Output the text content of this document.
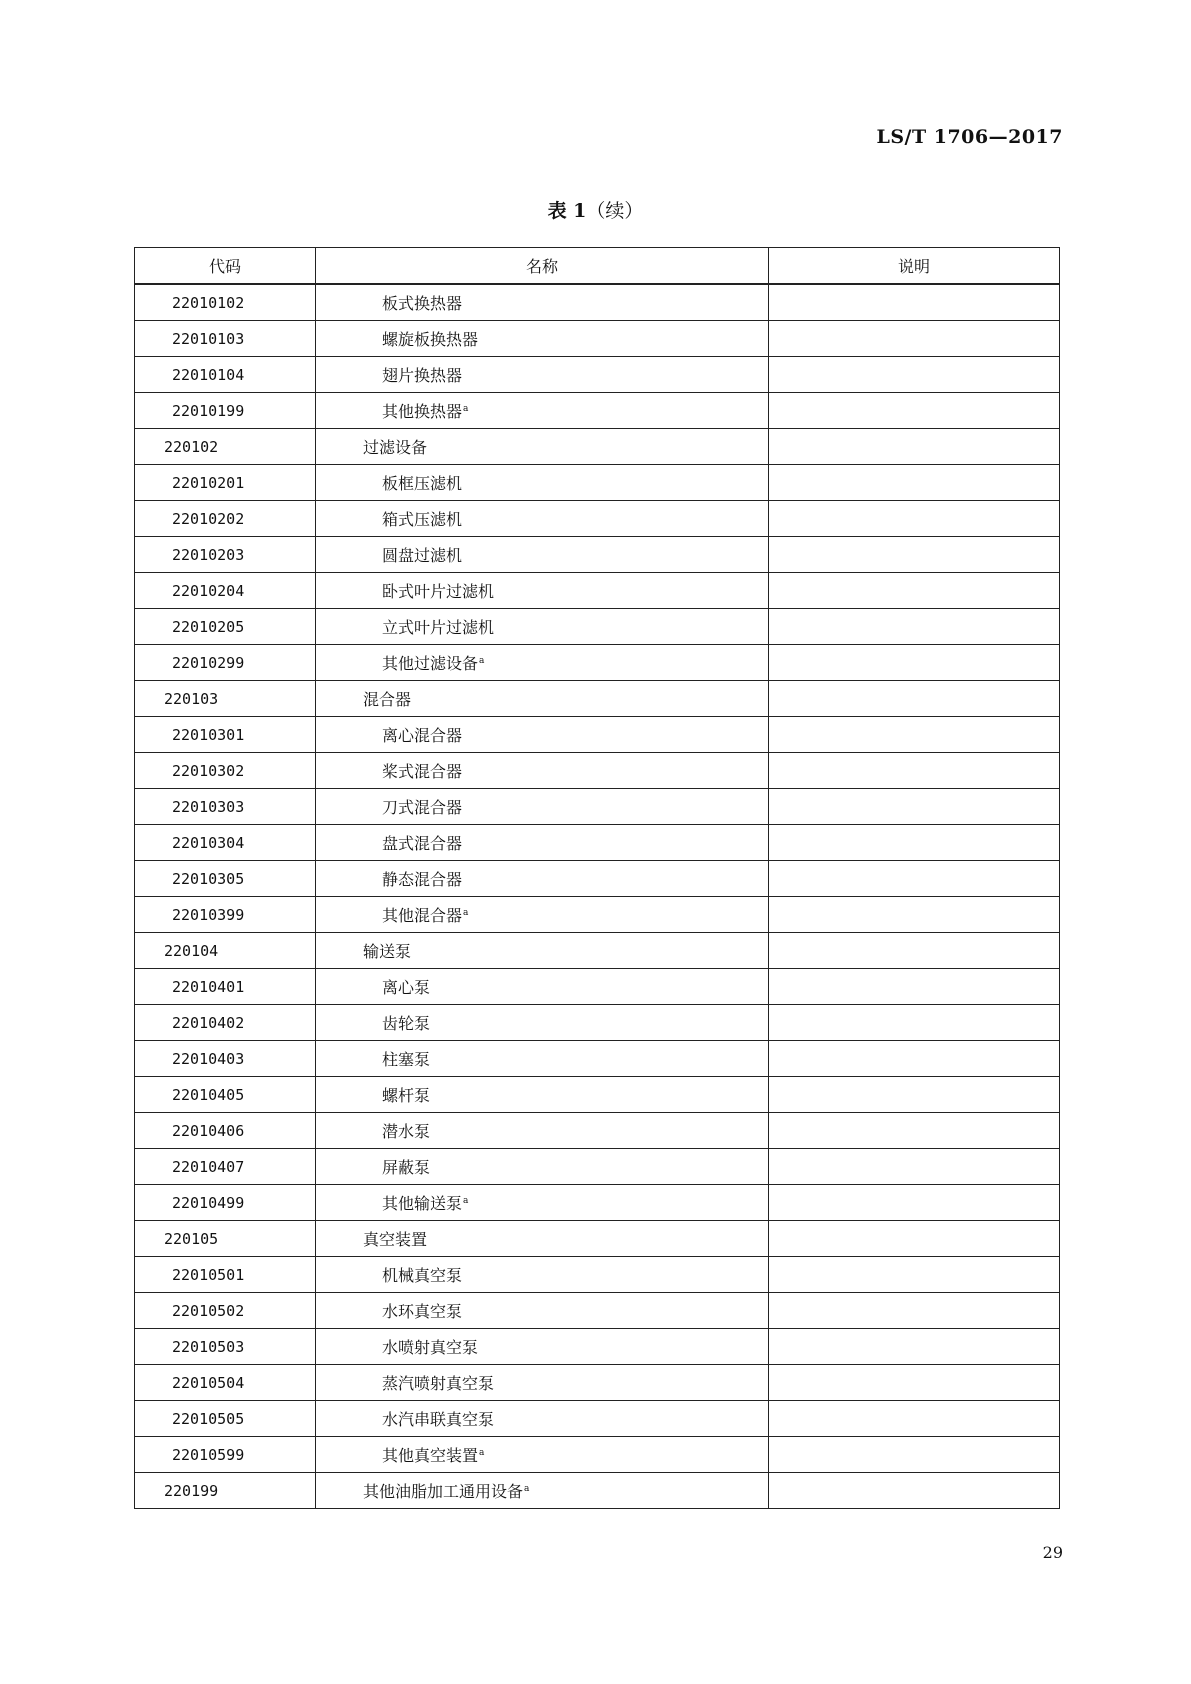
LS/T 1706—2017
表 1（续）
代码	名称	说明
22010102	板式换热器	
22010103	螺旋板换热器	
22010104	翅片换热器	
22010199	其他换热器$^a$	
220102	过滤设备	
22010201	板框压滤机	
22010202	箱式压滤机	
22010203	圆盘过滤机	
22010204	卧式叶片过滤机	
22010205	立式叶片过滤机	
22010299	其他过滤设备$^a$	
220103	混合器	
22010301	离心混合器	
22010302	桨式混合器	
22010303	刀式混合器	
22010304	盘式混合器	
22010305	静态混合器	
22010399	其他混合器$^a$	
220104	输送泵	
22010401	离心泵	
22010402	齿轮泵	
22010403	柱塞泵	
22010405	螺杆泵	
22010406	潜水泵	
22010407	屏蔽泵	
22010499	其他输送泵$^a$	
220105	真空装置	
22010501	机械真空泵	
22010502	水环真空泵	
22010503	水喷射真空泵	
22010504	蒸汽喷射真空泵	
22010505	水汽串联真空泵	
22010599	其他真空装置$^a$	
220199	其他油脂加工通用设备$^a$	
29
